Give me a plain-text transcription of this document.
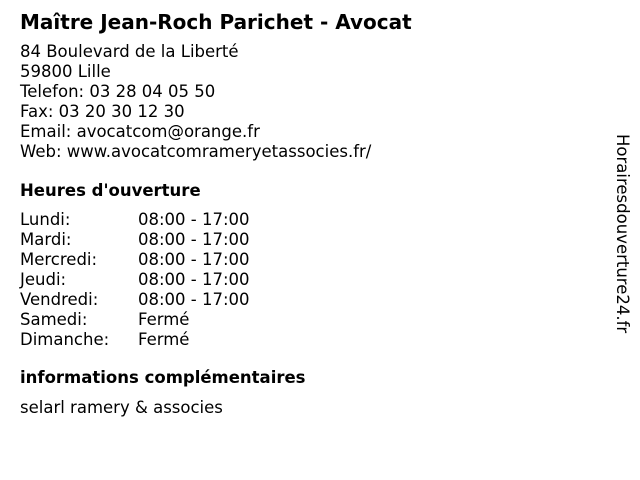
Maître Jean-Roch Parichet - Avocat
84 Boulevard de la Liberté
59800 Lille
Telefon: 03 28 04 05 50
Fax: 03 20 30 12 30
Email: avocatcom@orange.fr
Web: www.avocatcomrameryetassocies.fr/
Heures d'ouverture
Lundi:	08:00 - 17:00
Mardi:	08:00 - 17:00
Mercredi:	08:00 - 17:00
Jeudi:	08:00 - 17:00
Vendredi:	08:00 - 17:00
Samedi:	Fermé
Dimanche:	Fermé
informations complémentaires
selarl ramery & associes
Horairesdouverture24.fr
